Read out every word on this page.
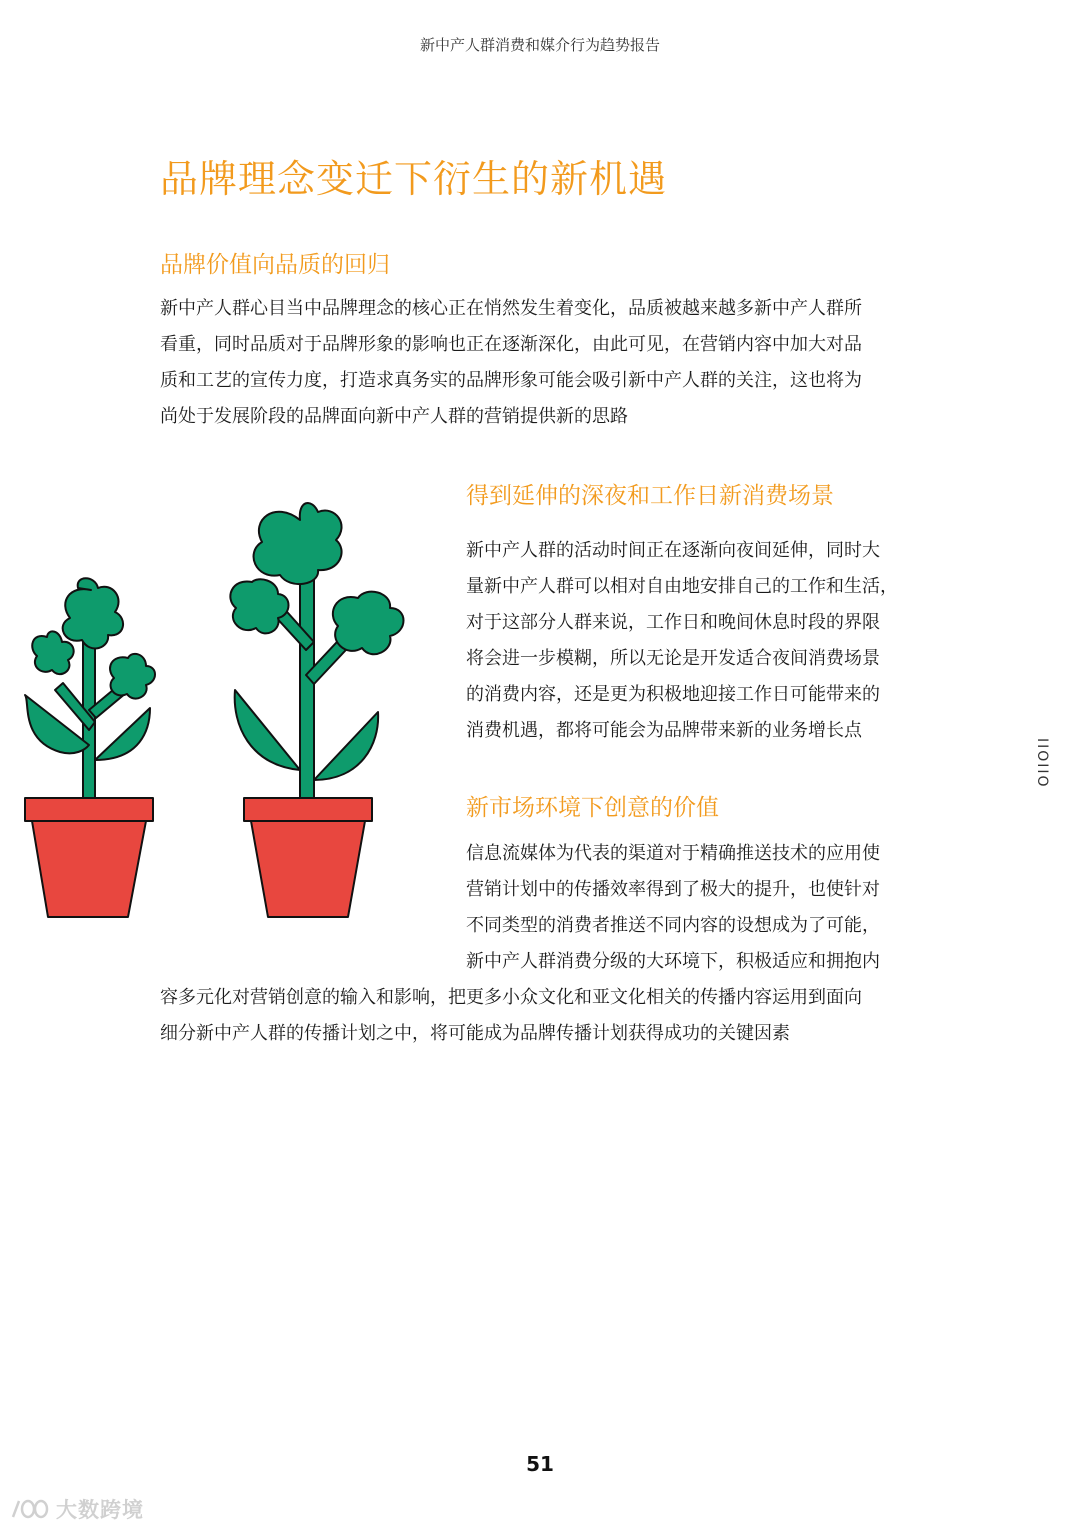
新中产人群消费和媒介行为趋势报告
品牌理念变迁下衍生的新机遇
品牌价值向品质的回归
新中产人群心目当中品牌理念的核心正在悄然发生着变化，品质被越来越多新中产人群所
看重，同时品质对于品牌形象的影响也正在逐渐深化，由此可见，在营销内容中加大对品
质和工艺的宣传力度，打造求真务实的品牌形象可能会吸引新中产人群的关注，这也将为
尚处于发展阶段的品牌面向新中产人群的营销提供新的思路
得到延伸的深夜和工作日新消费场景
新中产人群的活动时间正在逐渐向夜间延伸，同时大
量新中产人群可以相对自由地安排自己的工作和生活，
对于这部分人群来说，工作日和晚间休息时段的界限
将会进一步模糊，所以无论是开发适合夜间消费场景
的消费内容，还是更为积极地迎接工作日可能带来的
消费机遇，都将可能会为品牌带来新的业务增长点
新市场环境下创意的价值
信息流媒体为代表的渠道对于精确推送技术的应用使
营销计划中的传播效率得到了极大的提升，也使针对
不同类型的消费者推送不同内容的设想成为了可能，
新中产人群消费分级的大环境下，积极适应和拥抱内
容多元化对营销创意的输入和影响，把更多小众文化和亚文化相关的传播内容运用到面向
细分新中产人群的传播计划之中，将可能成为品牌传播计划获得成功的关键因素
IIOIIO
51
大数跨境
